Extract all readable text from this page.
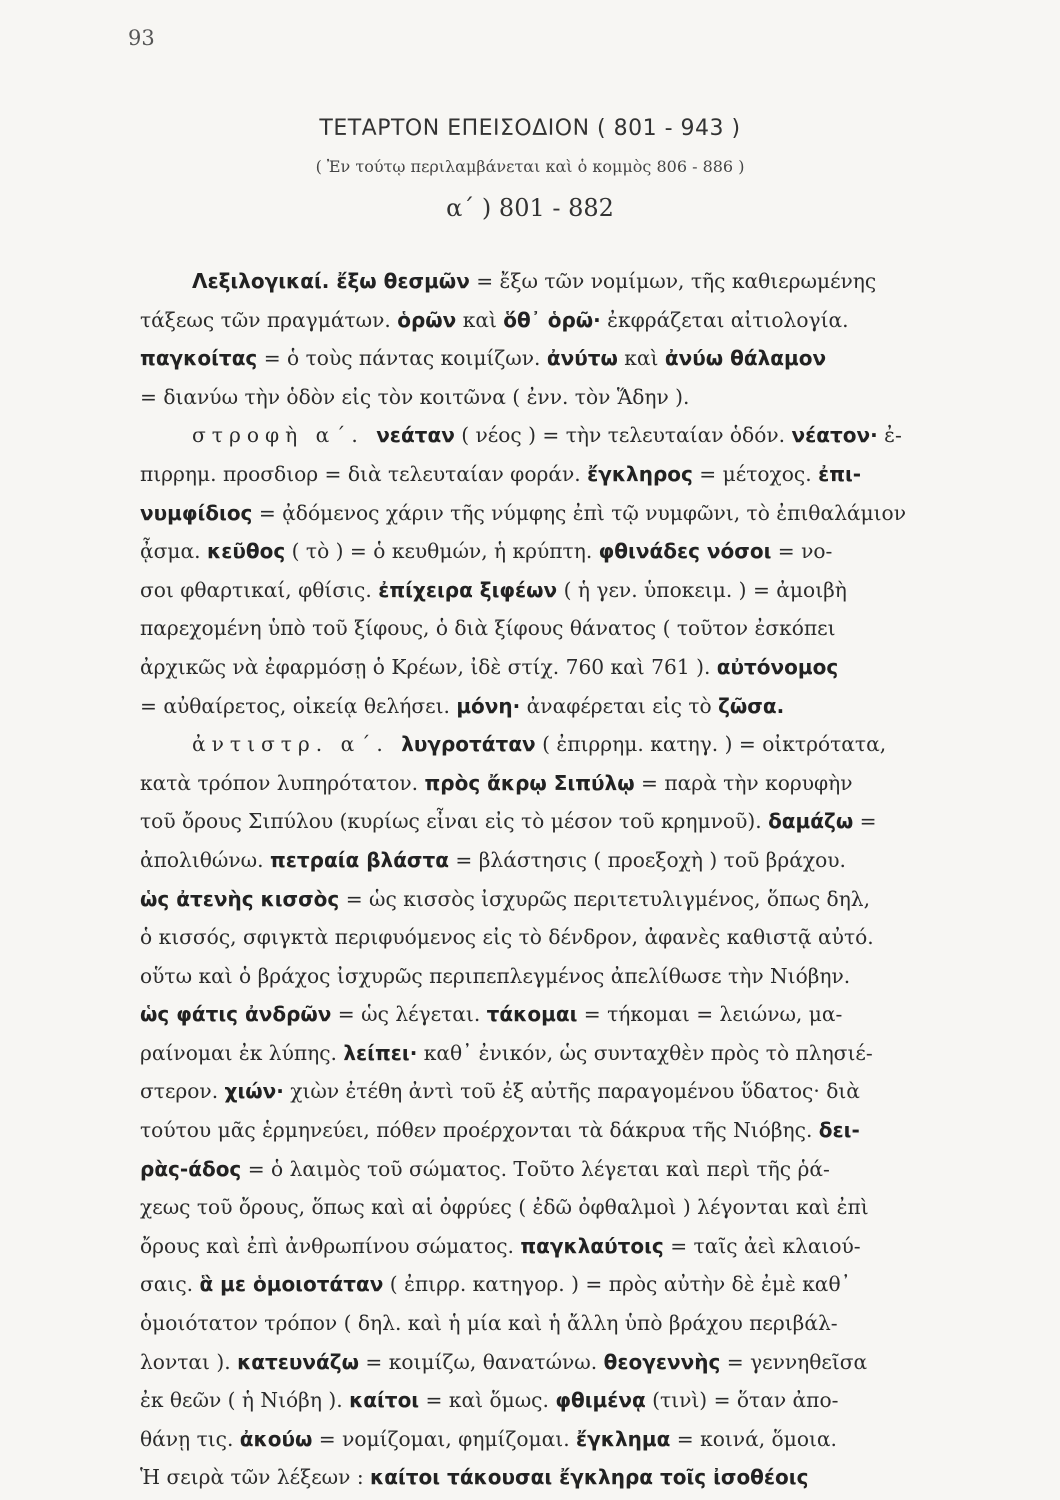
93
ΤΕΤΑΡΤΟΝ ΕΠΕΙΣΟΔΙΟΝ ( 801 - 943 )
( Ἐν τούτῳ περιλαμβάνεται καὶ ὁ κομμὸς 806 - 886 )
α΄ ) 801 - 882
Λεξιλογικαί. ἔξω θεσμῶν = ἔξω τῶν νομίμων, τῆς καθιερωμένης
τάξεως τῶν πραγμάτων. ὁρῶν καὶ ὅθ᾽ ὁρῶ· ἐκφράζεται αἰτιολογία.
παγκοίτας = ὁ τοὺς πάντας κοιμίζων. ἀνύτω καὶ ἀνύω θάλαμον
= διανύω τὴν ὁδὸν εἰς τὸν κοιτῶνα ( ἐνν. τὸν Ἅδην ).
στροφὴ α΄. νεάταν ( νέος ) = τὴν τελευταίαν ὁδόν. νέατον· ἐ-
πιρρημ. προσδιορ = διὰ τελευταίαν φοράν. ἔγκληρος = μέτοχος. ἐπι-
νυμφίδιος = ᾀδόμενος χάριν τῆς νύμφης ἐπὶ τῷ νυμφῶνι, τὸ ἐπιθαλάμιον
ᾆσμα. κεῦθος ( τὸ ) = ὁ κευθμών, ἡ κρύπτη. φθινάδες νόσοι = νο-
σοι φθαρτικαί, φθίσις. ἐπίχειρα ξιφέων ( ἡ γεν. ὑποκειμ. ) = ἀμοιβὴ
παρεχομένη ὑπὸ τοῦ ξίφους, ὁ διὰ ξίφους θάνατος ( τοῦτον ἐσκόπει
ἀρχικῶς νὰ ἐφαρμόσῃ ὁ Κρέων, ἰδὲ στίχ. 760 καὶ 761 ). αὐτόνομος
= αὐθαίρετος, οἰκείᾳ θελήσει. μόνη· ἀναφέρεται εἰς τὸ ζῶσα.
ἀντιστρ. α΄. λυγροτάταν ( ἐπιρρημ. κατηγ. ) = οἰκτρότατα,
κατὰ τρόπον λυπηρότατον. πρὸς ἄκρῳ Σιπύλῳ = παρὰ τὴν κορυφὴν
τοῦ ὄρους Σιπύλου (κυρίως εἶναι εἰς τὸ μέσον τοῦ κρημνοῦ). δαμάζω =
ἀπολιθώνω. πετραία βλάστα = βλάστησις ( προεξοχὴ ) τοῦ βράχου.
ὡς ἀτενὴς κισσὸς = ὡς κισσὸς ἰσχυρῶς περιτετυλιγμένος, ὅπως δηλ,
ὁ κισσός, σφιγκτὰ περιφυόμενος εἰς τὸ δένδρον, ἀφανὲς καθιστᾷ αὐτό.
οὕτω καὶ ὁ βράχος ἰσχυρῶς περιπεπλεγμένος ἀπελίθωσε τὴν Νιόβην.
ὡς φάτις ἀνδρῶν = ὡς λέγεται. τάκομαι = τήκομαι = λειώνω, μα-
ραίνομαι ἐκ λύπης. λείπει· καθ᾽ ἐνικόν, ὡς συνταχθὲν πρὸς τὸ πλησιέ-
στερον. χιών· χιὼν ἐτέθη ἀντὶ τοῦ ἐξ αὐτῆς παραγομένου ὕδατος· διὰ
τούτου μᾶς ἑρμηνεύει, πόθεν προέρχονται τὰ δάκρυα τῆς Νιόβης. δει-
ρὰς-άδος = ὁ λαιμὸς τοῦ σώματος. Τοῦτο λέγεται καὶ περὶ τῆς ῥά-
χεως τοῦ ὄρους, ὅπως καὶ αἱ ὀφρύες ( ἐδῶ ὀφθαλμοὶ ) λέγονται καὶ ἐπὶ
ὄρους καὶ ἐπὶ ἀνθρωπίνου σώματος. παγκλαύτοις = ταῖς ἀεὶ κλαιού-
σαις. ἃ με ὁμοιοτάταν ( ἐπιρρ. κατηγορ. ) = πρὸς αὐτὴν δὲ ἐμὲ καθ᾽
ὁμοιότατον τρόπον ( δηλ. καὶ ἡ μία καὶ ἡ ἄλλη ὑπὸ βράχου περιβάλ-
λονται ). κατευνάζω = κοιμίζω, θανατώνω. θεογεννὴς = γεννηθεῖσα
ἐκ θεῶν ( ἡ Νιόβη ). καίτοι = καὶ ὅμως. φθιμένᾳ (τινὶ) = ὅταν ἀπο-
θάνῃ τις. ἀκούω = νομίζομαι, φημίζομαι. ἔγκλημα = κοινά, ὅμοια.
Ἡ σειρὰ τῶν λέξεων : καίτοι τάκουσαι ἔγκληρα τοῖς ἰσοθέοις
